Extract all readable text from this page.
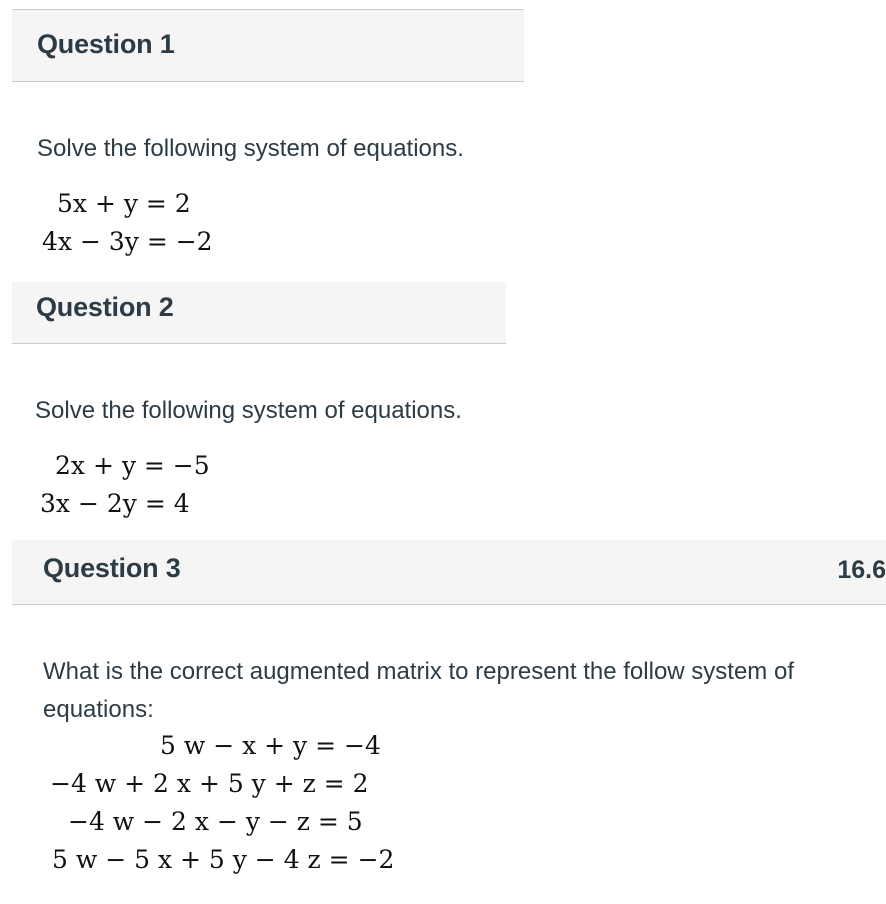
Question 1
Solve the following system of equations.

5x + y = 2

4x − 3y = −2

Question 2
Solve the following system of equations.

2x + y = −5

3x − 2y = 4

Question 3	16.6
What is the correct augmented matrix to represent the follow system of equations:

5 w − x + y = −4

−4 w + 2 x + 5 y + z = 2

−4 w − 2 x − y − z = 5

5 w − 5 x + 5 y − 4 z = −2
